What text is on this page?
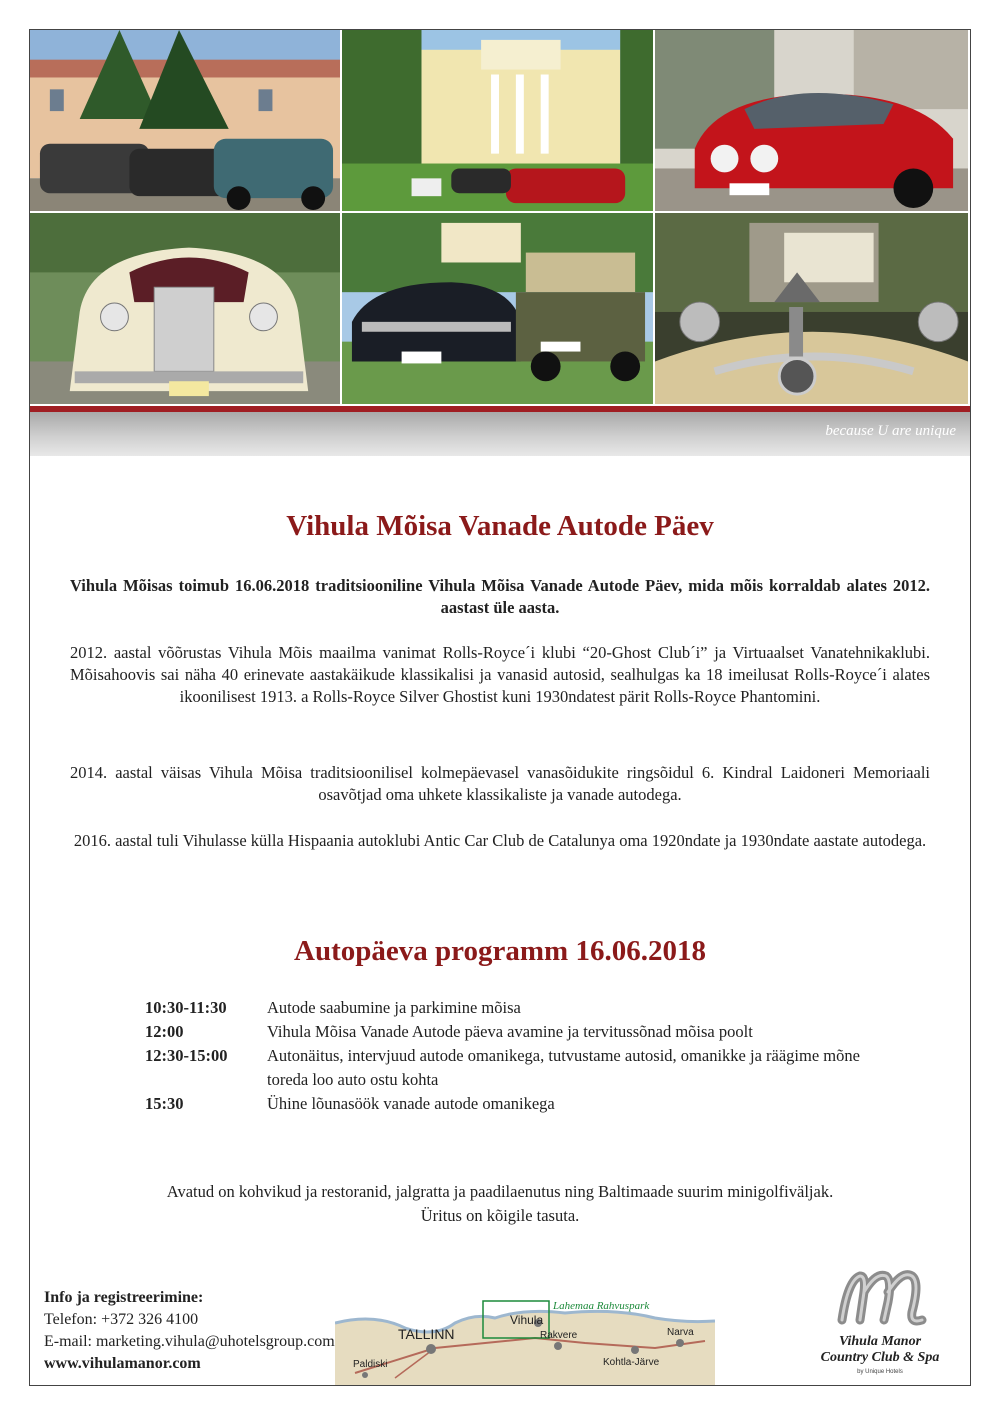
because U are unique
Vihula Mõisa Vanade Autode Päev

Vihula Mõisas toimub 16.06.2018 traditsiooniline Vihula Mõisa Vanade Autode Päev, mida mõis korraldab alates 2012. aastast üle aasta.

2012. aastal võõrustas Vihula Mõis maailma vanimat Rolls-Royce´i klubi “20-Ghost Club´i” ja Virtuaalset Vanatehnikaklubi. Mõisahoovis sai näha 40 erinevate aastakäikude klassikalisi ja vanasid autosid, sealhulgas ka 18 imeilusat Rolls-Royce´i alates ikoonilisest 1913. a Rolls-Royce Silver Ghostist kuni 1930ndatest pärit Rolls-Royce Phantomini.

2014. aastal väisas Vihula Mõisa traditsioonilisel kolmepäevasel vanasõidukite ringsõidul 6. Kindral Laidoneri Memoriaali osavõtjad oma uhkete klassikaliste ja vanade autodega.

2016. aastal tuli Vihulasse külla Hispaania autoklubi Antic Car Club de Catalunya oma 1920ndate ja 1930ndate aastate autodega.

Autopäeva programm 16.06.2018
10:30-11:30	Autode saabumine ja parkimine mõisa
12:00	Vihula Mõisa Vanade Autode päeva avamine ja tervitussõnad mõisa poolt
12:30-15:00	Autonäitus, intervjuud autode omanikega, tutvustame autosid, omanikke ja räägime mõne toreda loo auto ostu kohta
15:30	Ühine lõunasöök vanade autode omanikega
Avatud on kohvikud ja restoranid, jalgratta ja paadilaenutus ning Baltimaade suurim minigolfiväljak.
Üritus on kõigile tasuta.
Info ja registreerimine:
Telefon: +372 326 4100
E-mail: marketing.vihula@uhotelsgroup.com
www.vihulamanor.com
Lahemaa Rahvuspark
TALLINN
Vihula
Rakvere
Kohtla-Järve
Narva
Paldiski
Vihula Manor
Country Club & Spa
by Unique Hotels
